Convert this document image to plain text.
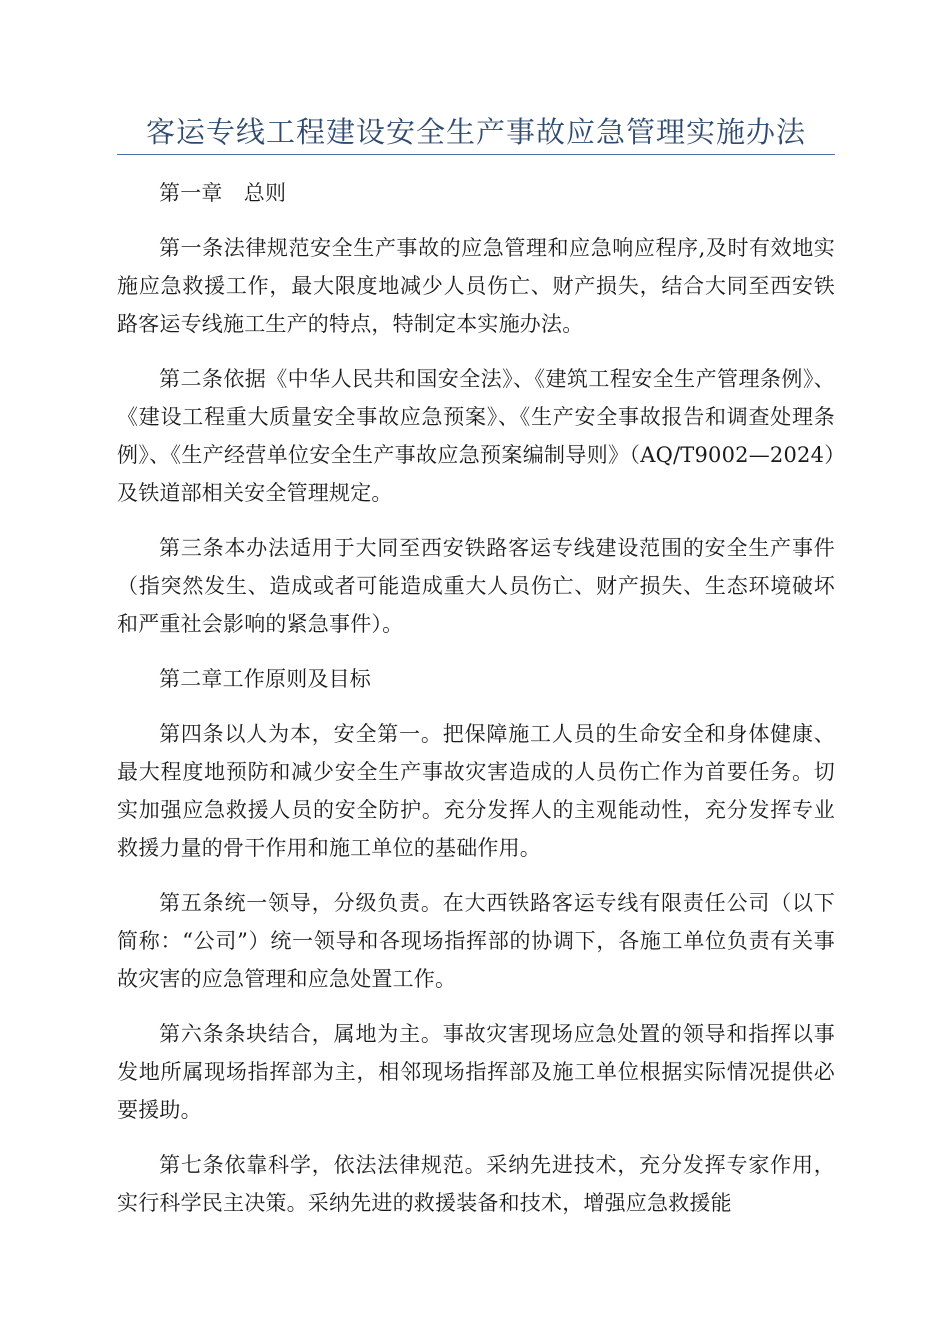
客运专线工程建设安全生产事故应急管理实施办法

第一章　总则

第一条法律规范安全生产事故的应急管理和应急响应程序,及时有效地实施应急救援工作，最大限度地减少人员伤亡、财产损失，结合大同至西安铁路客运专线施工生产的特点，特制定本实施办法。

第二条依据《中华人民共和国安全法》、《建筑工程安全生产管理条例》、《建设工程重大质量安全事故应急预案》、《生产安全事故报告和调查处理条例》、《生产经营单位安全生产事故应急预案编制导则》（AQ/T9002—2024）及铁道部相关安全管理规定。

第三条本办法适用于大同至西安铁路客运专线建设范围的安全生产事件（指突然发生、造成或者可能造成重大人员伤亡、财产损失、生态环境破坏和严重社会影响的紧急事件）。

第二章工作原则及目标

第四条以人为本，安全第一。把保障施工人员的生命安全和身体健康、最大程度地预防和减少安全生产事故灾害造成的人员伤亡作为首要任务。切实加强应急救援人员的安全防护。充分发挥人的主观能动性，充分发挥专业救援力量的骨干作用和施工单位的基础作用。

第五条统一领导，分级负责。在大西铁路客运专线有限责任公司（以下简称：“公司”）统一领导和各现场指挥部的协调下，各施工单位负责有关事故灾害的应急管理和应急处置工作。

第六条条块结合，属地为主。事故灾害现场应急处置的领导和指挥以事发地所属现场指挥部为主，相邻现场指挥部及施工单位根据实际情况提供必要援助。

第七条依靠科学，依法法律规范。采纳先进技术，充分发挥专家作用，实行科学民主决策。采纳先进的救援装备和技术，增强应急救援能
